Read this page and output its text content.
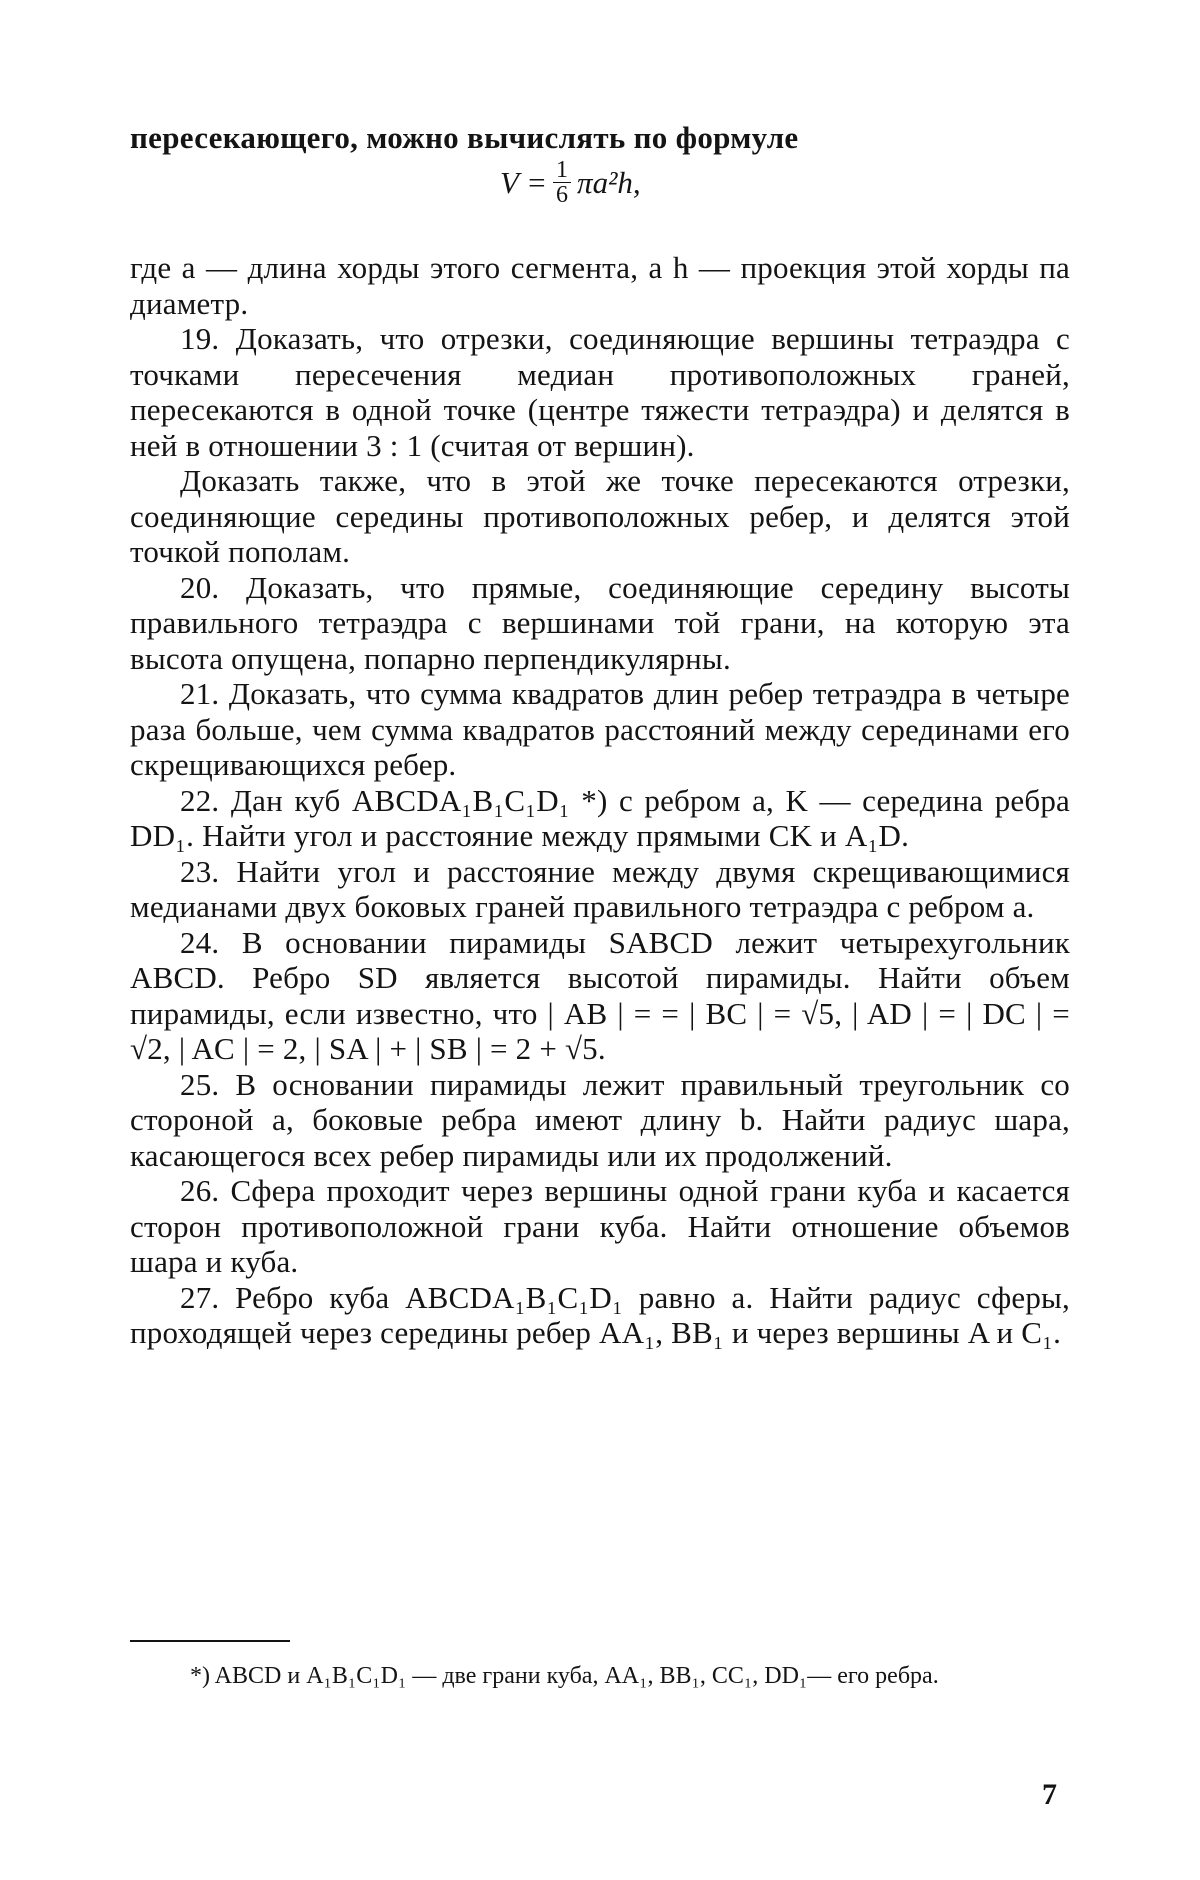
пересекающего, можно вычислять по формуле
$V = \frac{1}{6} \pi a^2h$,

где a — длина хорды этого сегмента, а h — проекция этой хорды па диаметр.

19. Доказать, что отрезки, соединяющие вершины тетраэдра с точками пересечения медиан противоположных граней, пересекаются в одной точке (центре тяжести тетраэдра) и делятся в ней в отношении 3 : 1 (считая от вершин).

Доказать также, что в этой же точке пересекаются отрезки, соединяющие середины противоположных ребер, и делятся этой точкой пополам.

20. Доказать, что прямые, соединяющие середину высоты правильного тетраэдра с вершинами той грани, на которую эта высота опущена, попарно перпендикулярны.

21. Доказать, что сумма квадратов длин ребер тетраэдра в четыре раза больше, чем сумма квадратов расстояний между серединами его скрещивающихся ребер.

22. Дан куб ABCDA₁B₁C₁D₁ *) с ребром a, K — середина ребра DD₁. Найти угол и расстояние между прямыми CK и A₁D.

23. Найти угол и расстояние между двумя скрещивающимися медианами двух боковых граней правильного тетраэдра с ребром a.

24. В основании пирамиды SABCD лежит четырехугольник ABCD. Ребро SD является высотой пирамиды. Найти объем пирамиды, если известно, что | AB | = = | BC | = √5, | AD | = | DC | = √2, | AC | = 2, | SA | + | SB | = 2 + √5.

25. В основании пирамиды лежит правильный треугольник со стороной a, боковые ребра имеют длину b. Найти радиус шара, касающегося всех ребер пирамиды или их продолжений.

26. Сфера проходит через вершины одной грани куба и касается сторон противоположной грани куба. Найти отношение объемов шара и куба.

27. Ребро куба ABCDA₁B₁C₁D₁ равно a. Найти радиус сферы, проходящей через середины ребер AA₁, BB₁ и через вершины A и C₁.

*) ABCD и A₁B₁C₁D₁ — две грани куба, AA₁, BB₁, CC₁, DD₁— его ребра.

7
